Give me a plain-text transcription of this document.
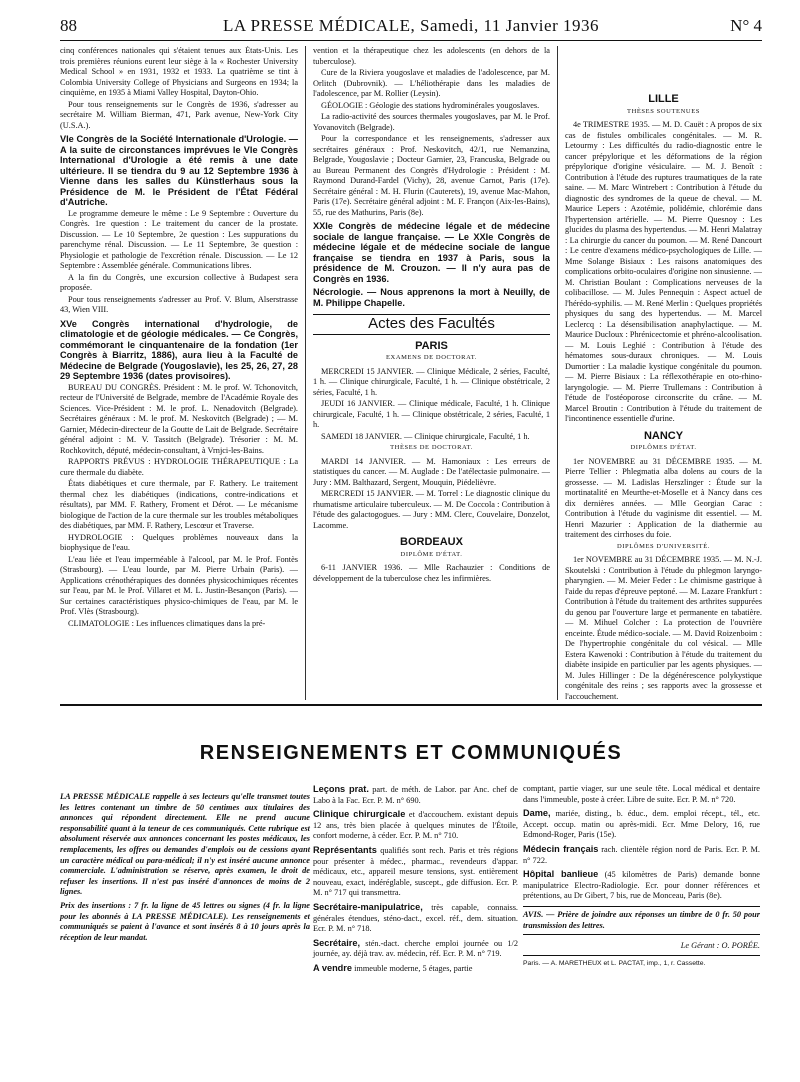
88	LA PRESSE MÉDICALE, Samedi, 11 Janvier 1936	N° 4

cinq conférences nationales qui s'étaient tenues aux États-Unis. Les trois premières réunions eurent leur siège à la « Rochester University Medical School » en 1931, 1932 et 1933. La quatrième se tint à Colombia University College of Physicians and Surgeons en 1934; la cinquième, en 1935 à Miami Valley Hospital, Dayton-Ohio.

Pour tous renseignements sur le Congrès de 1936, s'adresser au secrétaire M. William Bierman, 471, Park avenue, New-York City (U.S.A.).

VIe Congrès de la Société Internationale d'Urologie. — A la suite de circonstances imprévues le VIe Congrès International d'Urologie a été remis à une date ultérieure. Il se tiendra du 9 au 12 Septembre 1936 à Vienne dans les salles du Künstlerhaus sous la Présidence de M. le Président de l'État Fédéral d'Autriche.

Le programme demeure le même : Le 9 Septembre : Ouverture du Congrès. 1re question : Le traitement du cancer de la prostate. Discussion. — Le 10 Septembre, 2e question : Les suppurations du parenchyme rénal. Discussion. — Le 11 Septembre, 3e question : Physiologie et pathologie de l'excrétion rénale. Discussion. — Le 12 Septembre : Assemblée générale. Communications libres.

A la fin du Congrès, une excursion collective à Budapest sera proposée.

Pour tous renseignements s'adresser au Prof. V. Blum, Alserstrasse 43, Wien VIII.

XVe Congrès international d'hydrologie, de climatologie et de géologie médicales. — Ce Congrès, commémorant le cinquantenaire de la fondation (1er Congrès à Biarritz, 1886), aura lieu à la Faculté de Médecine de Belgrade (Yougoslavie), les 25, 26, 27, 28 29 Septembre 1936 (dates provisoires).

BUREAU DU CONGRÈS. Président : M. le prof. W. Tchonovitch, recteur de l'Université de Belgrade, membre de l'Académie Royale des Sciences. Vice-Président : M. le prof. L. Nenadovitch (Belgrade). Secrétaires généraux : M. le prof. M. Neskovitch (Belgrade) ; — M. Garnier, Médecin-directeur de la Goutte de Lait de Belgrade. Secrétaire général adjoint : M. V. Tassitch (Belgrade). Trésorier : M. M. Rochkovitch, député, médecin-consultant, à Vrnjci-les-Bains.

RAPPORTS PRÉVUS : HYDROLOGIE THÉRAPEUTIQUE : La cure thermale du diabète.

États diabétiques et cure thermale, par F. Rathery. Le traitement thermal chez les diabétiques (indications, contre-indications et résultats), par MM. F. Rathery, Froment et Dérot. — Le mécanisme biologique de l'action de la cure thermale sur les troubles métaboliques des diabétiques, par MM. F. Rathery, Lescœur et Traverse.

HYDROLOGIE : Quelques problèmes nouveaux dans la biophysique de l'eau.

L'eau liée et l'eau imperméable à l'alcool, par M. le Prof. Fontès (Strasbourg). — L'eau lourde, par M. Pierre Urbain (Paris). — Applications crénothérapiques des données physicochimiques récentes sur l'eau, par M. le Prof. Villaret et M. L. Justin-Besançon (Paris). — Sur certaines caractéristiques physico-chimiques de l'eau, par M. le Prof. Vlès (Strasbourg).

CLIMATOLOGIE : Les influences climatiques dans la pré-

vention et la thérapeutique chez les adolescents (en dehors de la tuberculose).

Cure de la Riviera yougoslave et maladies de l'adolescence, par M. Orlitch (Dubrovnik). — L'héliothérapie dans les maladies de l'adolescence, par M. Rollier (Leysin).

GÉOLOGIE : Géologie des stations hydrominérales yougoslaves.

La radio-activité des sources thermales yougoslaves, par M. le Prof. Yovanovitch (Belgrade).

Pour la correspondance et les renseignements, s'adresser aux secrétaires généraux : Prof. Neskovitch, 42/1, rue Nemanzina, Belgrade, Yougoslavie ; Docteur Garnier, 23, Francuska, Belgrade ou au Bureau Permanent des Congrès d'Hydrologie : Président : M. Raymond Durand-Fardel (Vichy), 28, avenue Carnot, Paris (17e). Secrétaire général : M. H. Flurin (Cauterets), 19, avenue Mac-Mahon, Paris (17e). Secrétaire général adjoint : M. F. Françon (Aix-les-Bains), 55, rue des Mathurins, Paris (8e).

XXIe Congrès de médecine légale et de médecine sociale de langue française. — Le XXIe Congrès de médecine légale et de médecine sociale de langue française se tiendra en 1937 à Paris, sous la présidence de M. Crouzon. — Il n'y aura pas de Congrès en 1936.

Nécrologie. — Nous apprenons la mort à Neuilly, de M. Philippe Chapelle.

Actes des Facultés
PARIS
EXAMENS DE DOCTORAT.

MERCREDI 15 JANVIER. — Clinique Médicale, 2 séries, Faculté, 1 h. — Clinique chirurgicale, Faculté, 1 h. — Clinique obstétricale, 2 séries, Faculté, 1 h.

JEUDI 16 JANVIER. — Clinique médicale, Faculté, 1 h. Clinique chirurgicale, Faculté, 1 h. — Clinique obstétricale, 2 séries, Faculté, 1 h.

SAMEDI 18 JANVIER. — Clinique chirurgicale, Faculté, 1 h.

THÈSES DE DOCTORAT.

MARDI 14 JANVIER. — M. Hamoniaux : Les erreurs de statistiques du cancer. — M. Auglade : De l'atélectasie pulmonaire. — Jury : MM. Balthazard, Sergent, Mouquin, Piédelièvre.

MERCREDI 15 JANVIER. — M. Torrel : Le diagnostic clinique du rhumatisme articulaire tuberculeux. — M. De Coccola : Contribution à l'étude des galactogogues. — Jury : MM. Clerc, Couvelaire, Donzelot, Lacomme.

BORDEAUX
DIPLÔME D'ÉTAT.

6-11 JANVIER 1936. — Mlle Rachauzier : Conditions de développement de la tuberculose chez les infirmières.

LILLE
THÈSES SOUTENUES

4e TRIMESTRE 1935. — M. D. Cauët : A propos de six cas de fistules ombilicales congénitales. — M. R. Letourmy : Les difficultés du radio-diagnostic entre le cancer prépylorique et les déformations de la région prépylorique d'origine vésiculaire. — M. J. Benoît : Contribution à l'étude des ruptures traumatiques de la rate saine. — M. Marc Wintrebert : Contribution à l'étude du diagnostic des syndromes de la queue de cheval. — M. Maurice Lepers : Azotémie, polidémie, chlorémie dans l'hypertension artérielle. — M. Pierre Quesnoy : Les glucides du plasma des hypertendus. — M. Henri Malatray : La chirurgie du cancer du poumon. — M. René Dancourt : Le centre d'examens médico-psychologiques de Lille. — Mme Solange Bisiaux : Les raisons anatomiques des complications orbito-oculaires d'origine non sinusienne. — M. Christian Boulant : Complications nerveuses de la colibacillose. — M. Jules Pennequin : Aspect actuel de l'hérédo-syphilis. — M. René Merlin : Quelques propriétés physiques du sang des hypertendus. — M. Marcel Leclercq : La désensibilisation anaphylactique. — M. Maurice Ducloux : Phrénicectomie et phréno-alcoolisation. — M. Louis Leghié : Contribution à l'étude des hématomes sous-duraux chroniques. — M. Louis Dumortier : La maladie kystique congénitale du poumon. — M. Pierre Bisiaux : La réflexothérapie en oto-rhino-laryngologie. — M. Pierre Trullemans : Contribution à l'étude de l'ostéoporose circonscrite du crâne. — M. Marcel Broutin : Contribution à l'étude du traitement de l'incontinence essentielle d'urine.

NANCY
DIPLÔMES D'ÉTAT.

1er NOVEMBRE au 31 DÉCEMBRE 1935. — M. Pierre Tellier : Phlegmatia alba dolens au cours de la grossesse. — M. Ladislas Herszlinger : Étude sur la mortinatalité en Meurthe-et-Moselle et à Nancy dans ces dix dernières années. — Mlle Georgian Carac : Contribution à l'étude du vaginisme dit essentiel. — M. Henri Mazurier : Application de la diathermie au traitement des cirrhoses du foie.

DIPLÔMES D'UNIVERSITÉ.

1er NOVEMBRE au 31 DÉCEMBRE 1935. — M. N.-J. Skoutelski : Contribution à l'étude du phlegmon laryngo-pharyngien. — M. Meier Feder : Le chimisme gastrique à l'aide du repas d'épreuve peptoné. — M. Lazare Frankfurt : Contribution à l'étude du traitement des arthrites suppurées du genou par l'ouverture large et permanente en tabatière. — M. Mihuel Colcher : La protection de l'ouvrière enceinte. Étude médico-sociale. — M. David Roizenboim : De l'hypertrophie congénitale du col vésical. — Mlle Estera Kawenoki : Contribution à l'étude du traitement du diabète insipide en particulier par les agents physiques. — M. Jules Hillinger : De la dégénérescence polykystique congénitale des reins ; ses rapports avec la grossesse et l'accouchement.

RENSEIGNEMENTS ET COMMUNIQUÉS

LA PRESSE MÉDICALE rappelle à ses lecteurs qu'elle transmet toutes les lettres contenant un timbre de 50 centimes aux titulaires des annonces qui répondent directement. Elle ne prend aucune responsabilité quant à la teneur de ces communiqués. Cette rubrique est absolument réservée aux annonces concernant les postes médicaux, les remplacements, les offres ou demandes d'emplois ou de cessions ayant un caractère médical ou para-médical; il n'y est inséré aucune annonce commerciale. L'administration se réserve, après examen, le droit de refuser les insertions. Il n'est pas inséré d'annonces de moins de 2 lignes.

Prix des insertions : 7 fr. la ligne de 45 lettres ou signes (4 fr. la ligne pour les abonnés à LA PRESSE MÉDICALE). Les renseignements et communiqués se paient à l'avance et sont insérés 8 à 10 jours après la réception de leur mandat.

Leçons prat. part. de méth. de Labor. par Anc. chef de Labo à la Fac. Ecr. P. M. n° 690.

Clinique chirurgicale et d'accouchem. existant depuis 12 ans, très bien placée à quelques minutes de l'Étoile, confort moderne, à céder. Ecr. P. M. n° 710.

Représentants qualifiés sont rech. Paris et très régions pour présenter à médec., pharmac., revendeurs d'appar. médicaux, etc., appareil mesure tensions, syst. entièrement nouveau, exact, indéréglable, suscept., gde diffusion. Ecr. P. M. n° 717 qui transmettra.

Secrétaire-manipulatrice, très capable, connaiss. générales étendues, sténo-dact., excel. réf., dem. situation. Ecr. P. M. n° 718.

Secrétaire, stén.-dact. cherche emploi journée ou 1/2 journée, ay. déjà trav. av. médecin, réf. Ecr. P. M. n° 719.

A vendre immeuble moderne, 5 étages, partie

comptant, partie viager, sur une seule tête. Local médical et dentaire dans l'immeuble, poste à créer. Libre de suite. Ecr. P. M. n° 720.

Dame, mariée, disting., b. éduc., dem. emploi récept., tél., etc. Accept. occup. matin ou après-midi. Ecr. Mme Delory, 16, rue Edmond-Roger, Paris (15e).

Médecin français rach. clientèle région nord de Paris. Ecr. P. M. n° 722.

Hôpital banlieue (45 kilomètres de Paris) demande bonne manipulatrice Electro-Radiologie. Ecr. pour donner références et prétentions, au Dr Gibert, 7 bis, rue de Monceau, Paris (8e).

AVIS. — Prière de joindre aux réponses un timbre de 0 fr. 50 pour transmission des lettres.
Le Gérant : O. PORÉE.
Paris. — A. MARETHEUX et L. PACTAT, imp., 1, r. Cassette.
